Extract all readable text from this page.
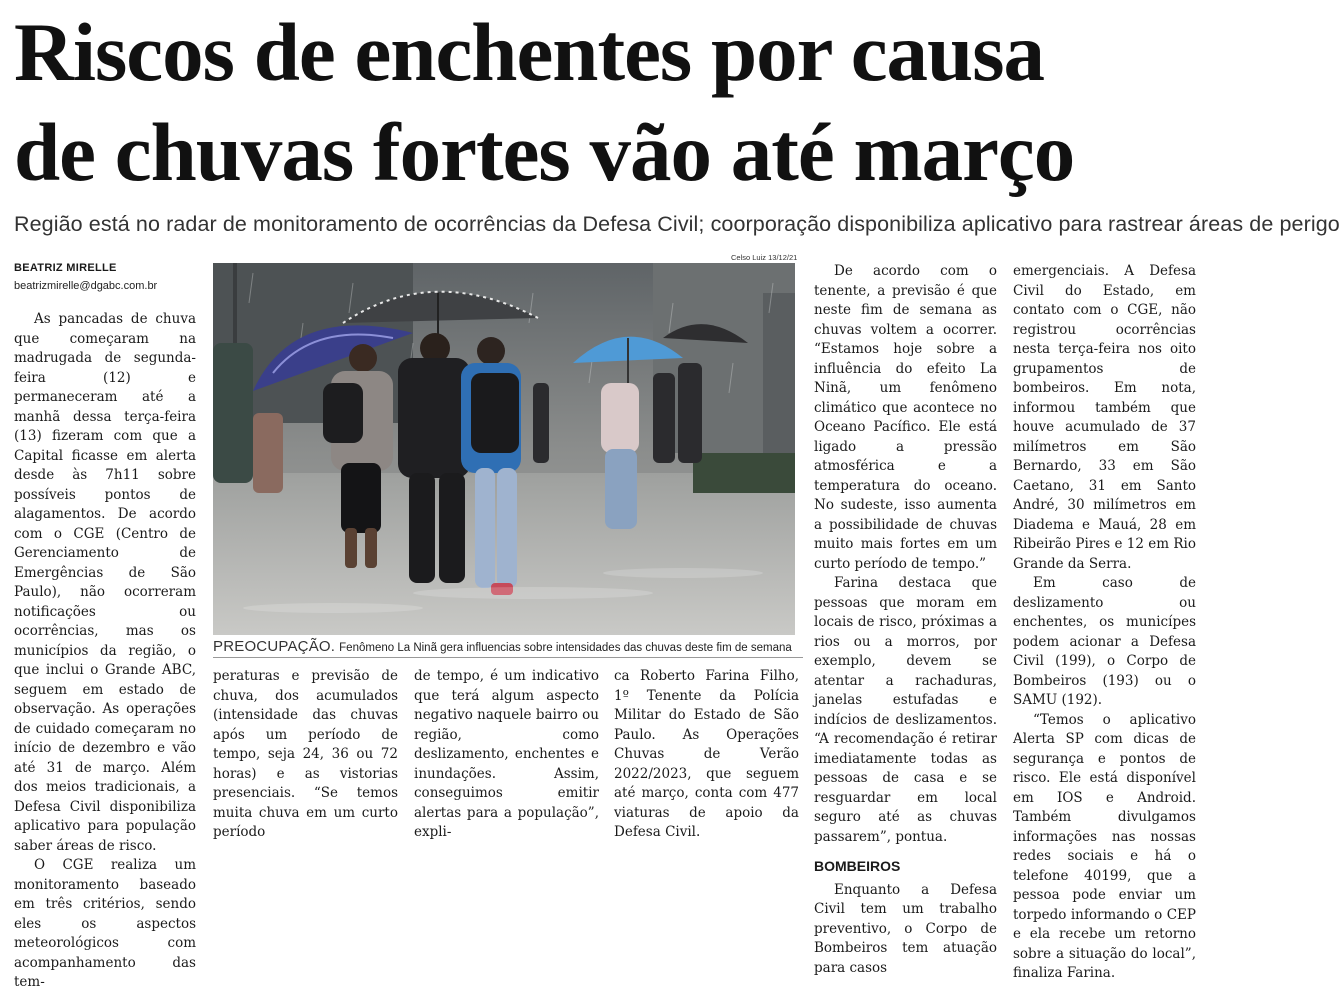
Riscos de enchentes por causa
de chuvas fortes vão até março
Região está no radar de monitoramento de ocorrências da Defesa Civil; coorporação disponibiliza aplicativo para rastrear áreas de perigo
BEATRIZ MIRELLE
beatrizmirelle@dgabc.com.br

As pancadas de chuva que começaram na madrugada de segunda-feira (12) e permaneceram até a manhã dessa terça-feira (13) fizeram com que a Capital ficasse em alerta desde às 7h11 sobre possíveis pontos de alagamentos. De acordo com o CGE (Centro de Gerenciamento de Emergências de São Paulo), não ocorreram notificações ou ocorrências, mas os municípios da região, o que inclui o Grande ABC, seguem em estado de observação. As operações de cuidado começaram no início de dezembro e vão até 31 de março. Além dos meios tradicionais, a Defesa Civil disponibiliza aplicativo para população saber áreas de risco.

O CGE realiza um monitoramento baseado em três critérios, sendo eles os aspectos meteorológicos com acompanhamento das tem-

Celso Luiz 13/12/21
PREOCUPAÇÃO. Fenômeno La Ninã gera influencias sobre intensidades das chuvas deste fim de semana

peraturas e previsão de chuva, dos acumulados (intensidade das chuvas após um período de tempo, seja 24, 36 ou 72 horas) e as vistorias presenciais. “Se temos muita chuva em um curto período

de tempo, é um indicativo que terá algum aspecto negativo naquele bairro ou região, como deslizamento, enchentes e inundações. Assim, conseguimos emitir alertas para a população”, expli-

ca Roberto Farina Filho, 1º Tenente da Polícia Militar do Estado de São Paulo. As Operações Chuvas de Verão 2022/2023, que seguem até março, conta com 477 viaturas de apoio da Defesa Civil.

De acordo com o tenente, a previsão é que neste fim de semana as chuvas voltem a ocorrer. “Estamos hoje sobre a influência do efeito La Ninã, um fenômeno climático que acontece no Oceano Pacífico. Ele está ligado a pressão atmosférica e a temperatura do oceano. No sudeste, isso aumenta a possibilidade de chuvas muito mais fortes em um curto período de tempo.”

Farina destaca que pessoas que moram em locais de risco, próximas a rios ou a morros, por exemplo, devem se atentar a rachaduras, janelas estufadas e indícios de deslizamentos. “A recomendação é retirar imediatamente todas as pessoas de casa e se resguardar em local seguro até as chuvas passarem”, pontua.

BOMBEIROS

Enquanto a Defesa Civil tem um trabalho preventivo, o Corpo de Bombeiros tem atuação para casos

emergenciais. A Defesa Civil do Estado, em contato com o CGE, não registrou ocorrências nesta terça-feira nos oito grupamentos de bombeiros. Em nota, informou também que houve acumulado de 37 milímetros em São Bernardo, 33 em São Caetano, 31 em Santo André, 30 milímetros em Diadema e Mauá, 28 em Ribeirão Pires e 12 em Rio Grande da Serra.

Em caso de deslizamento ou enchentes, os municípes podem acionar a Defesa Civil (199), o Corpo de Bombeiros (193) ou o SAMU (192).

“Temos o aplicativo Alerta SP com dicas de segurança e pontos de risco. Ele está disponível em IOS e Android. Também divulgamos informações nas nossas redes sociais e há o telefone 40199, que a pessoa pode enviar um torpedo informando o CEP e ela recebe um retorno sobre a situação do local”, finaliza Farina.
